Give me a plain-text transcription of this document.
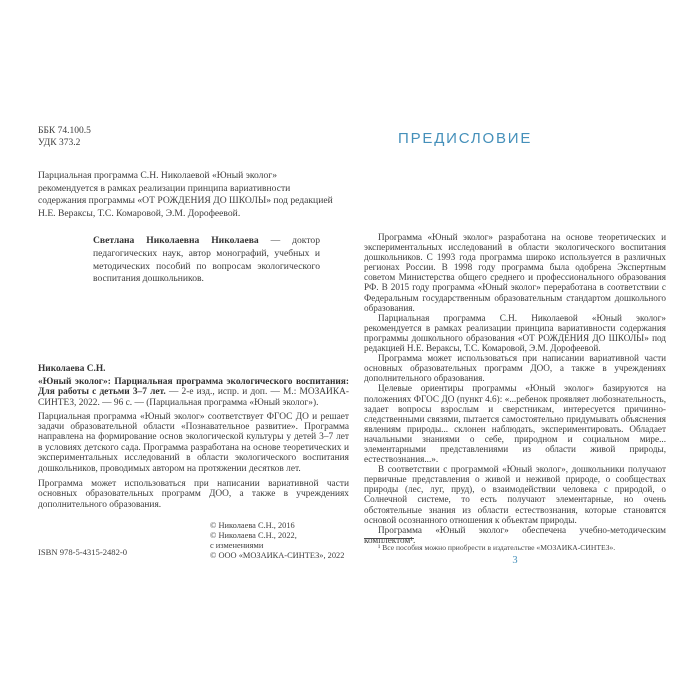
ББК 74.100.5
УДК 373.2
Парциальная программа С.Н. Николаевой «Юный эколог»
рекомендуется в рамках реализации принципа вариативности
содержания программы «ОТ РОЖДЕНИЯ ДО ШКОЛЫ» под редакцией
Н.Е. Вераксы, Т.С. Комаровой, Э.М. Дорофеевой.
Светлана Николаевна Николаева — доктор педагогических наук, автор монографий, учебных и методических пособий по вопросам экологического воспитания дошкольников.
Николаева С.Н.
«Юный эколог»: Парциальная программа экологического воспитания: Для работы с детьми 3–7 лет. — 2-е изд., испр. и доп. — М.: МОЗАИКА-СИНТЕЗ, 2022. — 96 с. — (Парциальная программа «Юный эколог»).
Парциальная программа «Юный эколог» соответствует ФГОС ДО и решает задачи образовательной области «Познавательное развитие». Программа направлена на формирование основ экологической культуры у детей 3–7 лет в условиях детского сада. Программа разработана на основе теоретических и экспериментальных исследований в области экологического воспитания дошкольников, проводимых автором на протяжении десятков лет.
Программа может использоваться при написании вариативной части основных образовательных программ ДОО, а также в учреждениях дополнительного образования.
© Николаева С.Н., 2016
© Николаева С.Н., 2022,
с изменениями
© ООО «МОЗАИКА-СИНТЕЗ», 2022
ISBN 978-5-4315-2482-0
ПРЕДИСЛОВИЕ

Программа «Юный эколог» разработана на основе теоретических и экспериментальных исследований в области экологического воспитания дошкольников. С 1993 года программа широко используется в различных регионах России. В 1998 году программа была одобрена Экспертным советом Министерства общего среднего и профессионального образования РФ. В 2015 году программа «Юный эколог» переработана в соответствии с Федеральным государственным образовательным стандартом дошкольного образования.

Парциальная программа С.Н. Николаевой «Юный эколог» рекомендуется в рамках реализации принципа вариативности содержания программы дошкольного образования «ОТ РОЖДЕНИЯ ДО ШКОЛЫ» под редакцией Н.Е. Вераксы, Т.С. Комаровой, Э.М. Дорофеевой.

Программа может использоваться при написании вариативной части основных образовательных программ ДОО, а также в учреждениях дополнительного образования.

Целевые ориентиры программы «Юный эколог» базируются на положениях ФГОС ДО (пункт 4.6): «...ребенок проявляет любознательность, задает вопросы взрослым и сверстникам, интересуется причинно-следственными связями, пытается самостоятельно придумывать объяснения явлениям природы... склонен наблюдать, экспериментировать. Обладает начальными знаниями о себе, природном и социальном мире... элементарными представлениями из области живой природы, естествознания...».

В соответствии с программой «Юный эколог», дошкольники получают первичные представления о живой и неживой природе, о сообществах природы (лес, луг, пруд), о взаимодействии человека с природой, о Солнечной системе, то есть получают элементарные, но очень обстоятельные знания из области естествознания, которые становятся основой осознанного отношения к объектам природы.

Программа «Юный эколог» обеспечена учебно-методическим комплектом¹.

¹ Все пособия можно приобрести в издательстве «МОЗАИКА-СИНТЕЗ».
3
